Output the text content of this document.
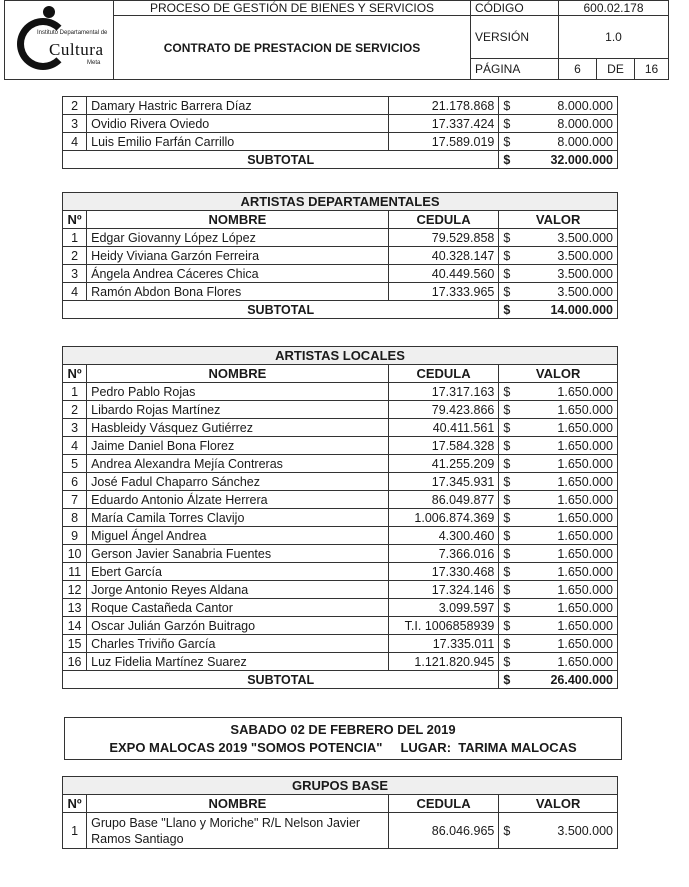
Instituto Departamental de
Cultura
Meta	PROCESO DE GESTIÓN DE BIENES Y SERVICIOS	CÓDIGO	600.02.178		
	CONTRATO DE PRESTACION DE SERVICIOS	VERSIÓN	1.0		
		PÁGINA	6	DE	16
2	Damary Hastric Barrera Díaz	21.178.868	$	8.000.000
3	Ovidio Rivera Oviedo	17.337.424	$	8.000.000
4	Luis Emilio Farfán Carrillo	17.589.019	$	8.000.000
SUBTOTAL			$	32.000.000
ARTISTAS DEPARTAMENTALES				
Nº	NOMBRE	CEDULA	VALOR	
1	Edgar Giovanny López López	79.529.858	$	3.500.000
2	Heidy Viviana Garzón Ferreira	40.328.147	$	3.500.000
3	Ángela Andrea Cáceres Chica	40.449.560	$	3.500.000
4	Ramón Abdon Bona Flores	17.333.965	$	3.500.000
SUBTOTAL			$	14.000.000
ARTISTAS LOCALES				
Nº	NOMBRE	CEDULA	VALOR	
1	Pedro Pablo Rojas	17.317.163	$	1.650.000
2	Libardo Rojas Martínez	79.423.866	$	1.650.000
3	Hasbleidy Vásquez Gutiérrez	40.411.561	$	1.650.000
4	Jaime Daniel Bona Florez	17.584.328	$	1.650.000
5	Andrea Alexandra Mejía Contreras	41.255.209	$	1.650.000
6	José Fadul Chaparro Sánchez	17.345.931	$	1.650.000
7	Eduardo Antonio Álzate Herrera	86.049.877	$	1.650.000
8	María Camila Torres Clavijo	1.006.874.369	$	1.650.000
9	Miguel Ángel Andrea	4.300.460	$	1.650.000
10	Gerson Javier Sanabria Fuentes	7.366.016	$	1.650.000
11	Ebert García	17.330.468	$	1.650.000
12	Jorge Antonio Reyes Aldana	17.324.146	$	1.650.000
13	Roque Castañeda Cantor	3.099.597	$	1.650.000
14	Oscar Julián Garzón Buitrago	T.I. 1006858939	$	1.650.000
15	Charles Triviño García	17.335.011	$	1.650.000
16	Luz Fidelia Martínez Suarez	1.121.820.945	$	1.650.000
SUBTOTAL			$	26.400.000
SABADO 02 DE FEBRERO DEL 2019
EXPO MALOCAS 2019 "SOMOS POTENCIA"     LUGAR:  TARIMA MALOCAS
GRUPOS BASE				
Nº	NOMBRE	CEDULA	VALOR	
1	Grupo Base "Llano y Moriche" R/L Nelson Javier Ramos Santiago	86.046.965	$	3.500.000
